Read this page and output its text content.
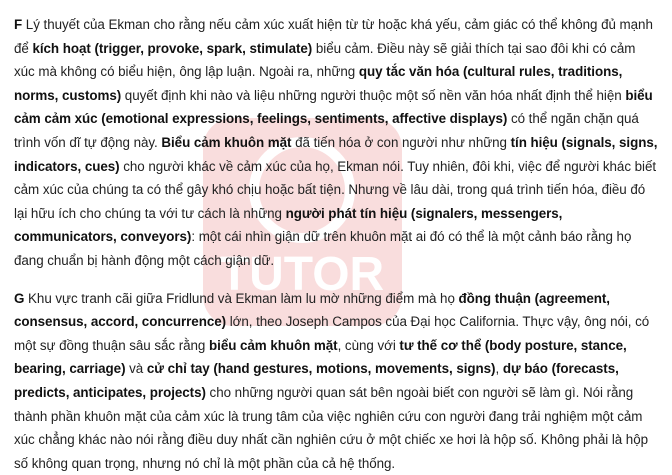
TUTOR

F Lý thuyết của Ekman cho rằng nếu cảm xúc xuất hiện từ từ hoặc khá yếu, cảm giác có thể không đủ mạnh để kích hoạt (trigger, provoke, spark, stimulate) biểu cảm. Điều này sẽ giải thích tại sao đôi khi có cảm xúc mà không có biểu hiện, ông lập luận. Ngoài ra, những quy tắc văn hóa (cultural rules, traditions, norms, customs) quyết định khi nào và liệu những người thuộc một số nền văn hóa nhất định thể hiện biểu cảm cảm xúc (emotional expressions, feelings, sentiments, affective displays) có thể ngăn chặn quá trình vốn dĩ tự động này. Biểu cảm khuôn mặt đã tiến hóa ở con người như những tín hiệu (signals, signs, indicators, cues) cho người khác về cảm xúc của họ, Ekman nói. Tuy nhiên, đôi khi, việc để người khác biết cảm xúc của chúng ta có thể gây khó chịu hoặc bất tiện. Nhưng về lâu dài, trong quá trình tiến hóa, điều đó lại hữu ích cho chúng ta với tư cách là những người phát tín hiệu (signalers, messengers, communicators, conveyors): một cái nhìn giận dữ trên khuôn mặt ai đó có thể là một cảnh báo rằng họ đang chuẩn bị hành động một cách giận dữ.

G Khu vực tranh cãi giữa Fridlund và Ekman làm lu mờ những điểm mà họ đồng thuận (agreement, consensus, accord, concurrence) lớn, theo Joseph Campos của Đại học California. Thực vậy, ông nói, có một sự đồng thuận sâu sắc rằng biểu cảm khuôn mặt, cùng với tư thế cơ thể (body posture, stance, bearing, carriage) và cử chỉ tay (hand gestures, motions, movements, signs), dự báo (forecasts, predicts, anticipates, projects) cho những người quan sát bên ngoài biết con người sẽ làm gì. Nói rằng thành phần khuôn mặt của cảm xúc là trung tâm của việc nghiên cứu con người đang trải nghiệm một cảm xúc chẳng khác nào nói rằng điều duy nhất cần nghiên cứu ở một chiếc xe hơi là hộp số. Không phải là hộp số không quan trọng, nhưng nó chỉ là một phần của cả hệ thống.
